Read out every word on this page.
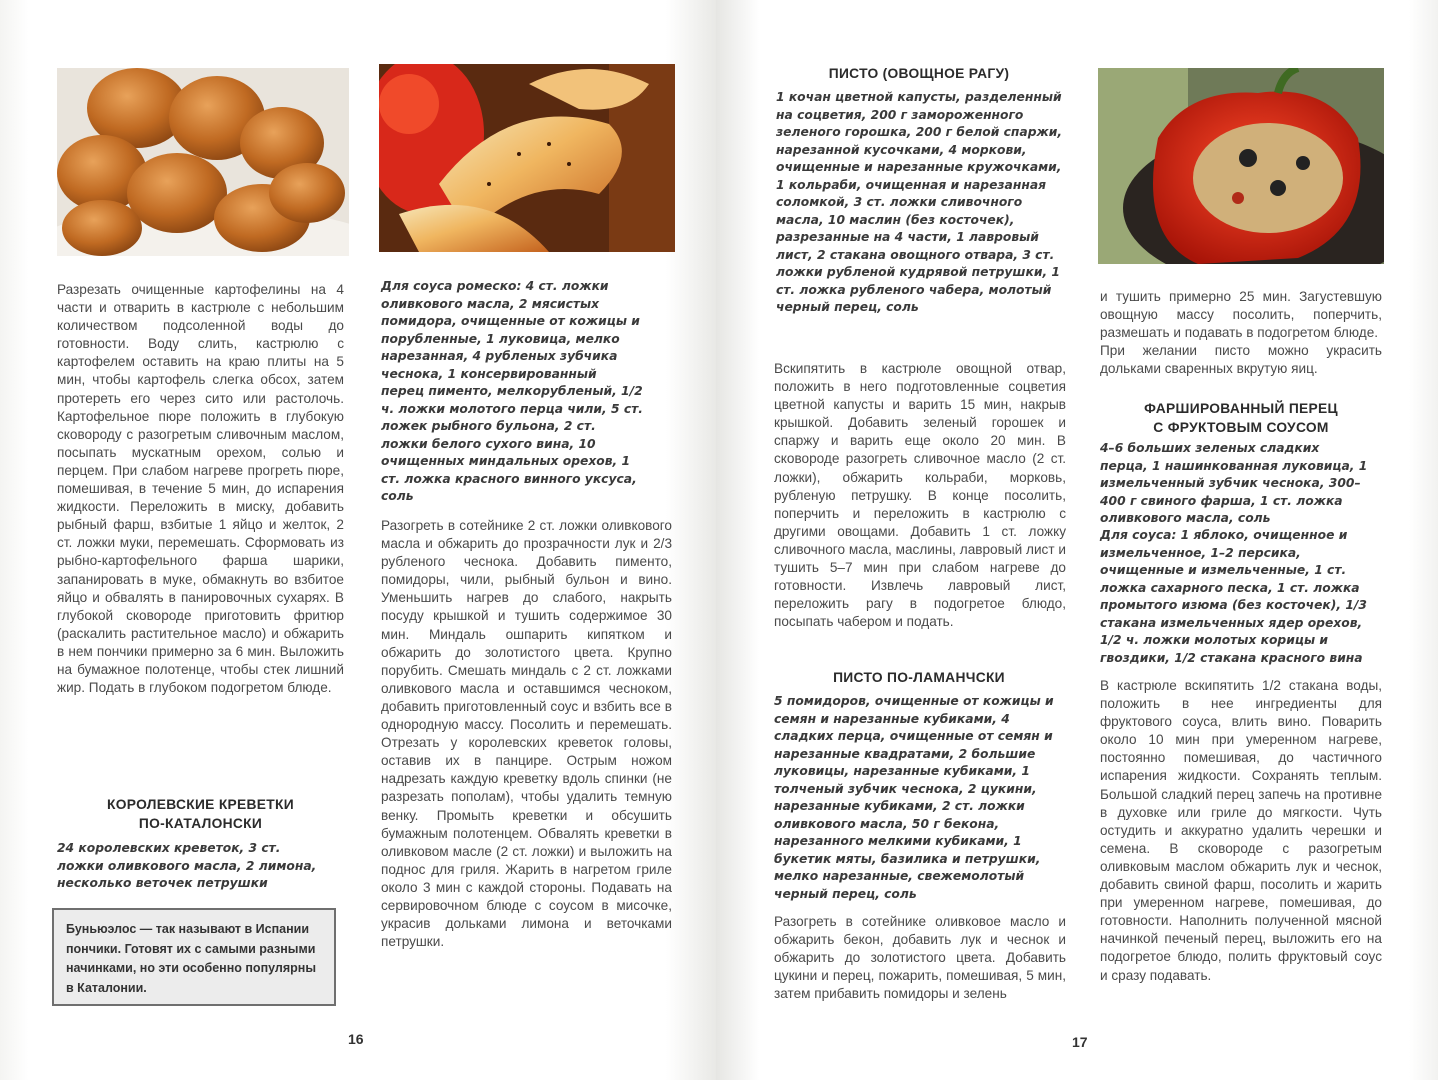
Разрезать очищенные картофелины на 4 части и отварить в кастрюле с небольшим количеством подсоленной воды до готовности. Воду слить, кастрюлю с картофелем оставить на краю плиты на 5 мин, чтобы картофель слегка обсох, затем протереть его через сито или растолочь. Картофельное пюре положить в глубокую сковороду с разогретым сливочным маслом, посыпать мускатным орехом, солью и перцем. При слабом нагреве прогреть пюре, помешивая, в течение 5 мин, до испарения жидкости. Переложить в миску, добавить рыбный фарш, взбитые 1 яйцо и желток, 2 ст. ложки муки, перемешать. Сформовать из рыбно-картофельного фарша шарики, запанировать в муке, обмакнуть во взбитое яйцо и обвалять в панировочных сухарях. В глубокой сковороде приготовить фритюр (раскалить растительное масло) и обжарить в нем пончики примерно за 6 мин. Выложить на бумажное полотенце, чтобы стек лишний жир. Подать в глубоком подогретом блюде.

КОРОЛЕВСКИЕ КРЕВЕТКИ
ПО-КАТАЛОНСКИ
24 королевских креветок, 3 ст. ложки оливкового масла, 2 лимона, несколько веточек петрушки
Буньюэлос — так называют в Испании пончики. Готовят их с самыми разными начинками, но эти особенно популярны в Каталонии.
Для соуса ромеско: 4 ст. ложки оливкового масла, 2 мясистых помидора, очищенные от кожицы и порубленные, 1 луковица, мелко нарезанная, 4 рубленых зубчика чеснока, 1 консервированный перец пименто, мелкорубленый, 1/2 ч. ложки молотого перца чили, 5 ст. ложек рыбного бульона, 2 ст. ложки белого сухого вина, 10 очищенных миндальных орехов, 1 ст. ложка красного винного уксуса, соль

Разогреть в сотейнике 2 ст. ложки оливкового масла и обжарить до прозрачности лук и 2/3 рубленого чеснока. Добавить пименто, помидоры, чили, рыбный бульон и вино. Уменьшить нагрев до слабого, накрыть посуду крышкой и тушить содержимое 30 мин. Миндаль ошпарить кипятком и обжарить до золотистого цвета. Крупно порубить. Смешать миндаль с 2 ст. ложками оливкового масла и оставшимся чесноком, добавить приготовленный соус и взбить все в однородную массу. Посолить и перемешать. Отрезать у королевских креветок головы, оставив их в панцире. Острым ножом надрезать каждую креветку вдоль спинки (не разрезать пополам), чтобы удалить темную венку. Промыть креветки и обсушить бумажным полотенцем. Обвалять креветки в оливковом масле (2 ст. ложки) и выложить на поднос для гриля. Жарить в нагретом гриле около 3 мин с каждой стороны. Подавать на сервировочном блюде с соусом в мисочке, украсив дольками лимона и веточками петрушки.

16
ПИСТО (ОВОЩНОЕ РАГУ)
1 кочан цветной капусты, разделенный на соцветия, 200 г замороженного зеленого горошка, 200 г белой спаржи, нарезанной кусочками, 4 моркови, очищенные и нарезанные кружочками, 1 кольраби, очищенная и нарезанная соломкой, 3 ст. ложки сливочного масла, 10 маслин (без косточек), разрезанные на 4 части, 1 лавровый лист, 2 стакана овощного отвара, 3 ст. ложки рубленой кудрявой петрушки, 1 ст. ложка рубленого чабера, молотый черный перец, соль

Вскипятить в кастрюле овощной отвар, положить в него подготовленные соцветия цветной капусты и варить 15 мин, накрыв крышкой. Добавить зеленый горошек и спаржу и варить еще около 20 мин. В сковороде разогреть сливочное масло (2 ст. ложки), обжарить кольраби, морковь, рубленую петрушку. В конце посолить, поперчить и переложить в кастрюлю с другими овощами. Добавить 1 ст. ложку сливочного масла, маслины, лавровый лист и тушить 5–7 мин при слабом нагреве до готовности. Извлечь лавровый лист, переложить рагу в подогретое блюдо, посыпать чабером и подать.

ПИСТО ПО-ЛАМАНЧСКИ
5 помидоров, очищенные от кожицы и семян и нарезанные кубиками, 4 сладких перца, очищенные от семян и нарезанные квадратами, 2 большие луковицы, нарезанные кубиками, 1 толченый зубчик чеснока, 2 цукини, нарезанные кубиками, 2 ст. ложки оливкового масла, 50 г бекона, нарезанного мелкими кубиками, 1 букетик мяты, базилика и петрушки, мелко нарезанные, свежемолотый черный перец, соль

Разогреть в сотейнике оливковое масло и обжарить бекон, добавить лук и чеснок и обжарить до золотистого цвета. Добавить цукини и перец, пожарить, помешивая, 5 мин, затем прибавить помидоры и зелень

и тушить примерно 25 мин. Загустевшую овощную массу посолить, поперчить, размешать и подавать в подогретом блюде.

При желании писто можно украсить дольками сваренных вкрутую яиц.

ФАРШИРОВАННЫЙ ПЕРЕЦ
С ФРУКТОВЫМ СОУСОМ
4–6 больших зеленых сладких перца, 1 нашинкованная луковица, 1 измельченный зубчик чеснока, 300–400 г свиного фарша, 1 ст. ложка оливкового масла, соль
Для соуса: 1 яблоко, очищенное и измельченное, 1–2 персика, очищенные и измельченные, 1 ст. ложка сахарного песка, 1 ст. ложка промытого изюма (без косточек), 1/3 стакана измельченных ядер орехов, 1/2 ч. ложки молотых корицы и гвоздики, 1/2 стакана красного вина

В кастрюле вскипятить 1/2 стакана воды, положить в нее ингредиенты для фруктового соуса, влить вино. Поварить около 10 мин при умеренном нагреве, постоянно помешивая, до частичного испарения жидкости. Сохранять теплым. Большой сладкий перец запечь на противне в духовке или гриле до мягкости. Чуть остудить и аккуратно удалить черешки и семена. В сковороде с разогретым оливковым маслом обжарить лук и чеснок, добавить свиной фарш, посолить и жарить при умеренном нагреве, помешивая, до готовности. Наполнить полученной мясной начинкой печеный перец, выложить его на подогретое блюдо, полить фруктовый соус и сразу подавать.

17
